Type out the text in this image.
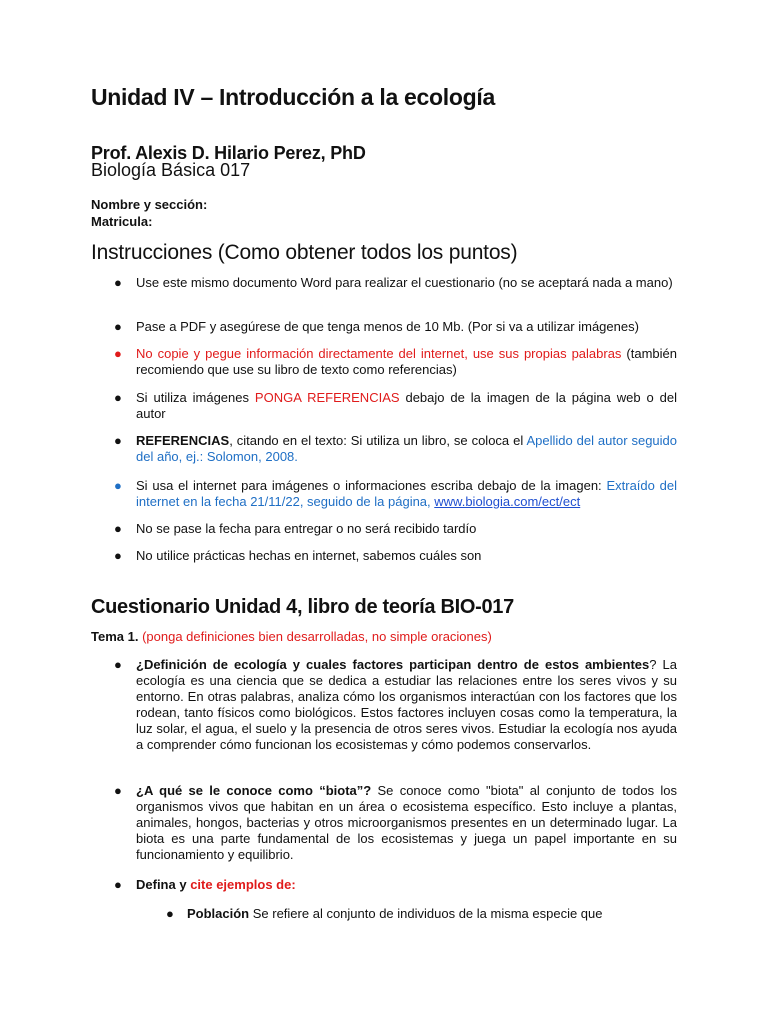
Unidad IV – Introducción a la ecología
Prof. Alexis D. Hilario Perez, PhD
Biología Básica 017
Nombre y sección:
Matricula:
Instrucciones (Como obtener todos los puntos)
● Use este mismo documento Word para realizar el cuestionario (no se aceptará nada a mano)
● Pase a PDF y asegúrese de que tenga menos de 10 Mb. (Por si va a utilizar imágenes)
● No copie y pegue información directamente del internet, use sus propias palabras (también recomiendo que use su libro de texto como referencias)
● Si utiliza imágenes PONGA REFERENCIAS debajo de la imagen de la página web o del autor
● REFERENCIAS, citando en el texto: Si utiliza un libro, se coloca el Apellido del autor seguido del año, ej.: Solomon, 2008.
● Si usa el internet para imágenes o informaciones escriba debajo de la imagen: Extraído del internet en la fecha 21/11/22, seguido de la página, www.biologia.com/ect/ect
● No se pase la fecha para entregar o no será recibido tardío
● No utilice prácticas hechas en internet, sabemos cuáles son
Cuestionario Unidad 4, libro de teoría BIO-017
Tema 1. (ponga definiciones bien desarrolladas, no simple oraciones)
● ¿Definición de ecología y cuales factores participan dentro de estos ambientes? La ecología es una ciencia que se dedica a estudiar las relaciones entre los seres vivos y su entorno. En otras palabras, analiza cómo los organismos interactúan con los factores que los rodean, tanto físicos como biológicos. Estos factores incluyen cosas como la temperatura, la luz solar, el agua, el suelo y la presencia de otros seres vivos. Estudiar la ecología nos ayuda a comprender cómo funcionan los ecosistemas y cómo podemos conservarlos.
● ¿A qué se le conoce como “biota”? Se conoce como "biota" al conjunto de todos los organismos vivos que habitan en un área o ecosistema específico. Esto incluye a plantas, animales, hongos, bacterias y otros microorganismos presentes en un determinado lugar. La biota es una parte fundamental de los ecosistemas y juega un papel importante en su funcionamiento y equilibrio.
● Defina y cite ejemplos de:
● Población Se refiere al conjunto de individuos de la misma especie que
